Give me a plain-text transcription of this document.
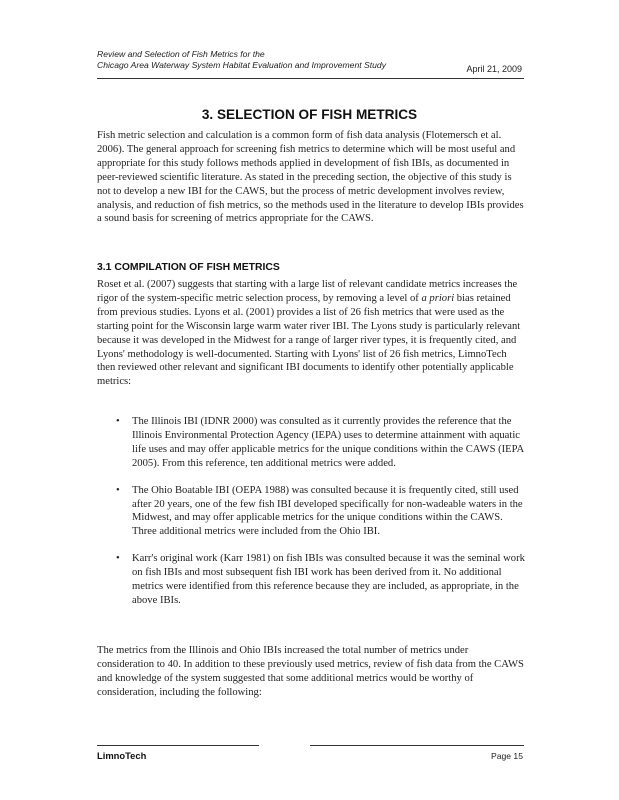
Review and Selection of Fish Metrics for the
Chicago Area Waterway System Habitat Evaluation and Improvement Study	April 21, 2009
3. SELECTION OF FISH METRICS

Fish metric selection and calculation is a common form of fish data analysis (Flotemersch et al. 2006). The general approach for screening fish metrics to determine which will be most useful and appropriate for this study follows methods applied in development of fish IBIs, as documented in peer-reviewed scientific literature. As stated in the preceding section, the objective of this study is not to develop a new IBI for the CAWS, but the process of metric development involves review, analysis, and reduction of fish metrics, so the methods used in the literature to develop IBIs provides a sound basis for screening of metrics appropriate for the CAWS.

3.1 COMPILATION OF FISH METRICS

Roset et al. (2007) suggests that starting with a large list of relevant candidate metrics increases the rigor of the system-specific metric selection process, by removing a level of a priori bias retained from previous studies. Lyons et al. (2001) provides a list of 26 fish metrics that were used as the starting point for the Wisconsin large warm water river IBI. The Lyons study is particularly relevant because it was developed in the Midwest for a range of larger river types, it is frequently cited, and Lyons' methodology is well-documented. Starting with Lyons' list of 26 fish metrics, LimnoTech then reviewed other relevant and significant IBI documents to identify other potentially applicable metrics:

• The Illinois IBI (IDNR 2000) was consulted as it currently provides the reference that the Illinois Environmental Protection Agency (IEPA) uses to determine attainment with aquatic life uses and may offer applicable metrics for the unique conditions within the CAWS (IEPA 2005). From this reference, ten additional metrics were added.
• The Ohio Boatable IBI (OEPA 1988) was consulted because it is frequently cited, still used after 20 years, one of the few fish IBI developed specifically for non-wadeable waters in the Midwest, and may offer applicable metrics for the unique conditions within the CAWS. Three additional metrics were included from the Ohio IBI.
• Karr's original work (Karr 1981) on fish IBIs was consulted because it was the seminal work on fish IBIs and most subsequent fish IBI work has been derived from it. No additional metrics were identified from this reference because they are included, as appropriate, in the above IBIs.

The metrics from the Illinois and Ohio IBIs increased the total number of metrics under consideration to 40. In addition to these previously used metrics, review of fish data from the CAWS and knowledge of the system suggested that some additional metrics would be worthy of consideration, including the following:

LimnoTech	Page 15
